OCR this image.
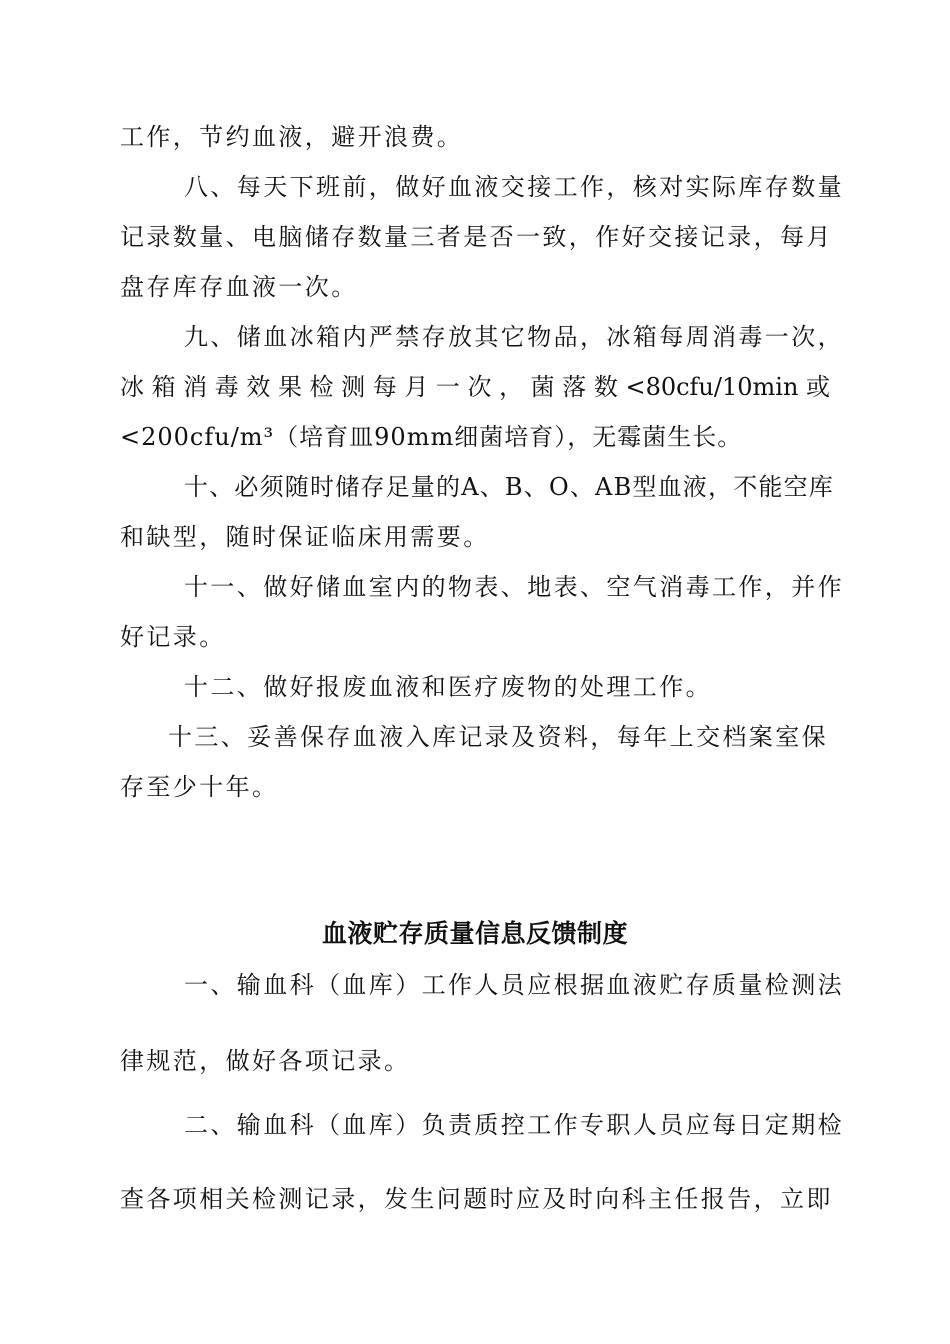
工作，节约血液，避开浪费。
八、每天下班前，做好血液交接工作，核对实际库存数量
记录数量、电脑储存数量三者是否一致，作好交接记录，每月
盘存库存血液一次。
九、储血冰箱内严禁存放其它物品，冰箱每周消毒一次，
冰箱消毒效果检测每月一次，菌落数<80cfu/10min或
<200cfu/m³（培育皿90mm细菌培育），无霉菌生长。
十、必须随时储存足量的A、B、O、AB型血液，不能空库
和缺型，随时保证临床用需要。
十一、做好储血室内的物表、地表、空气消毒工作，并作
好记录。
十二、做好报废血液和医疗废物的处理工作。
十三、妥善保存血液入库记录及资料，每年上交档案室保
存至少十年。
血液贮存质量信息反馈制度
一、输血科（血库）工作人员应根据血液贮存质量检测法
律规范，做好各项记录。
二、输血科（血库）负责质控工作专职人员应每日定期检
查各项相关检测记录，发生问题时应及时向科主任报告，立即
